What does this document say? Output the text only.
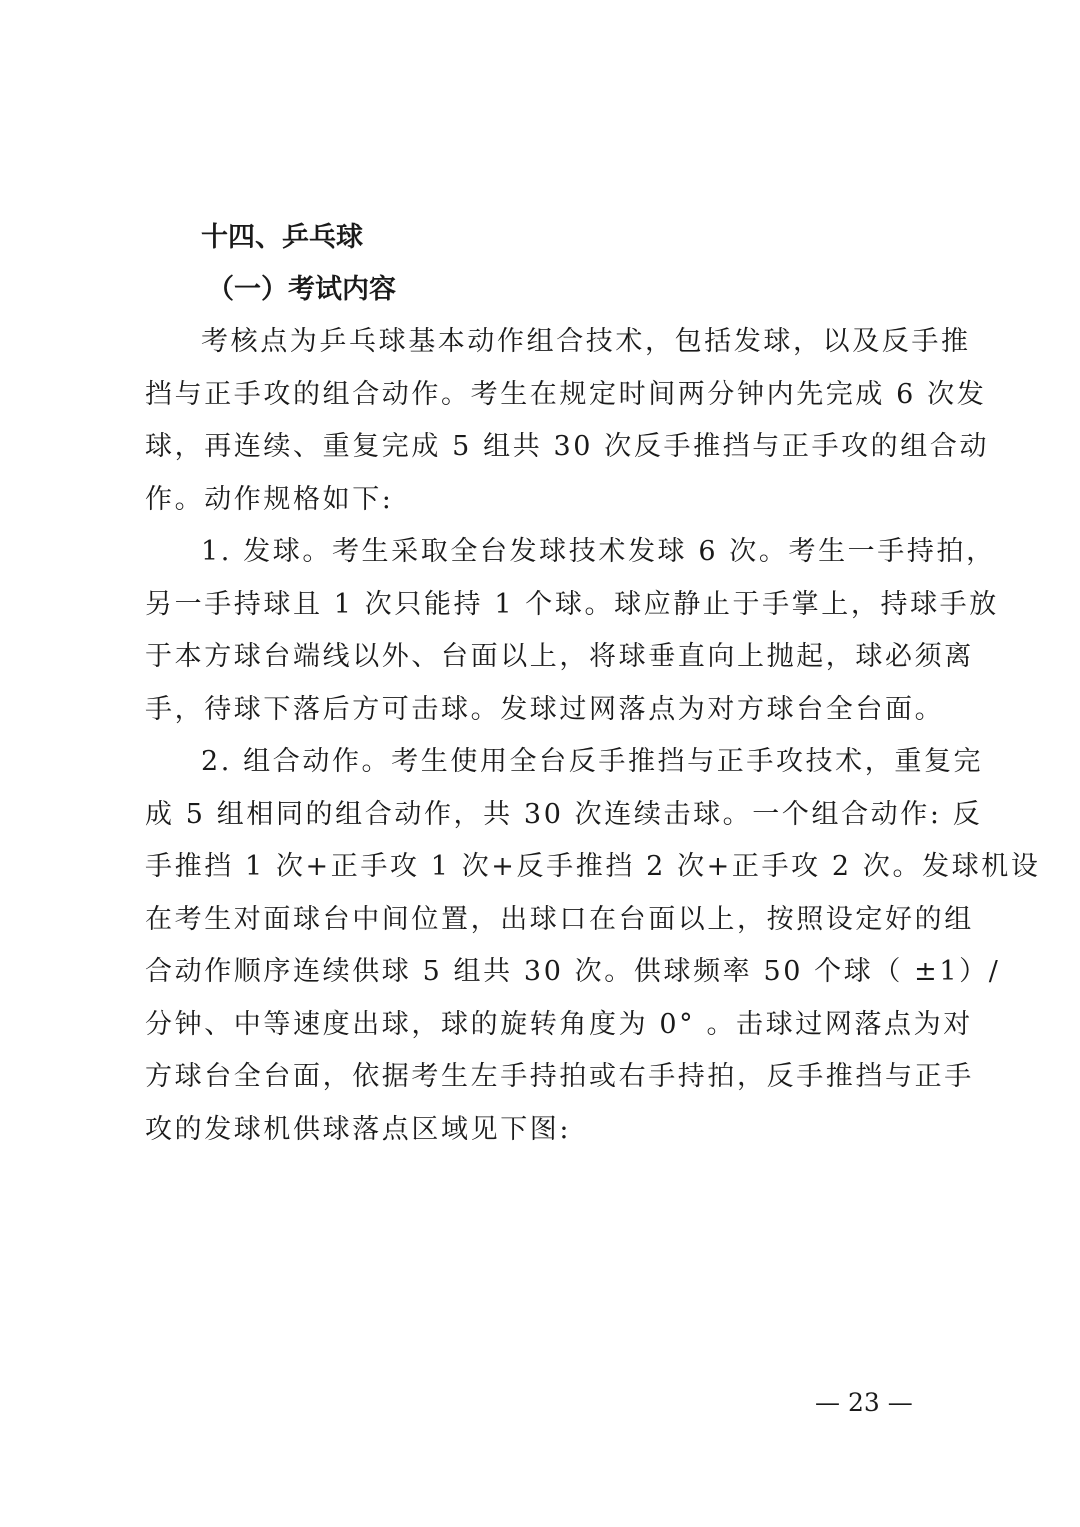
十四、乒乓球
（一）考试内容

考核点为乒乓球基本动作组合技术，包括发球，以及反手推
挡与正手攻的组合动作。考生在规定时间两分钟内先完成 6 次发
球，再连续、重复完成 5 组共 30 次反手推挡与正手攻的组合动
作。动作规格如下:

1. 发球。考生采取全台发球技术发球 6 次。考生一手持拍，
另一手持球且 1 次只能持 1 个球。球应静止于手掌上，持球手放
于本方球台端线以外、台面以上，将球垂直向上抛起，球必须离
手，待球下落后方可击球。发球过网落点为对方球台全台面。

2. 组合动作。考生使用全台反手推挡与正手攻技术，重复完
成 5 组相同的组合动作，共 30 次连续击球。一个组合动作: 反
手推挡 1 次+正手攻 1 次+反手推挡 2 次+正手攻 2 次。发球机设
在考生对面球台中间位置，出球口在台面以上，按照设定好的组
合动作顺序连续供球 5 组共 30 次。供球频率 50 个球（ ±1）/
分钟、中等速度出球，球的旋转角度为 0° 。击球过网落点为对
方球台全台面，依据考生左手持拍或右手持拍，反手推挡与正手
攻的发球机供球落点区域见下图:

— 23 —
